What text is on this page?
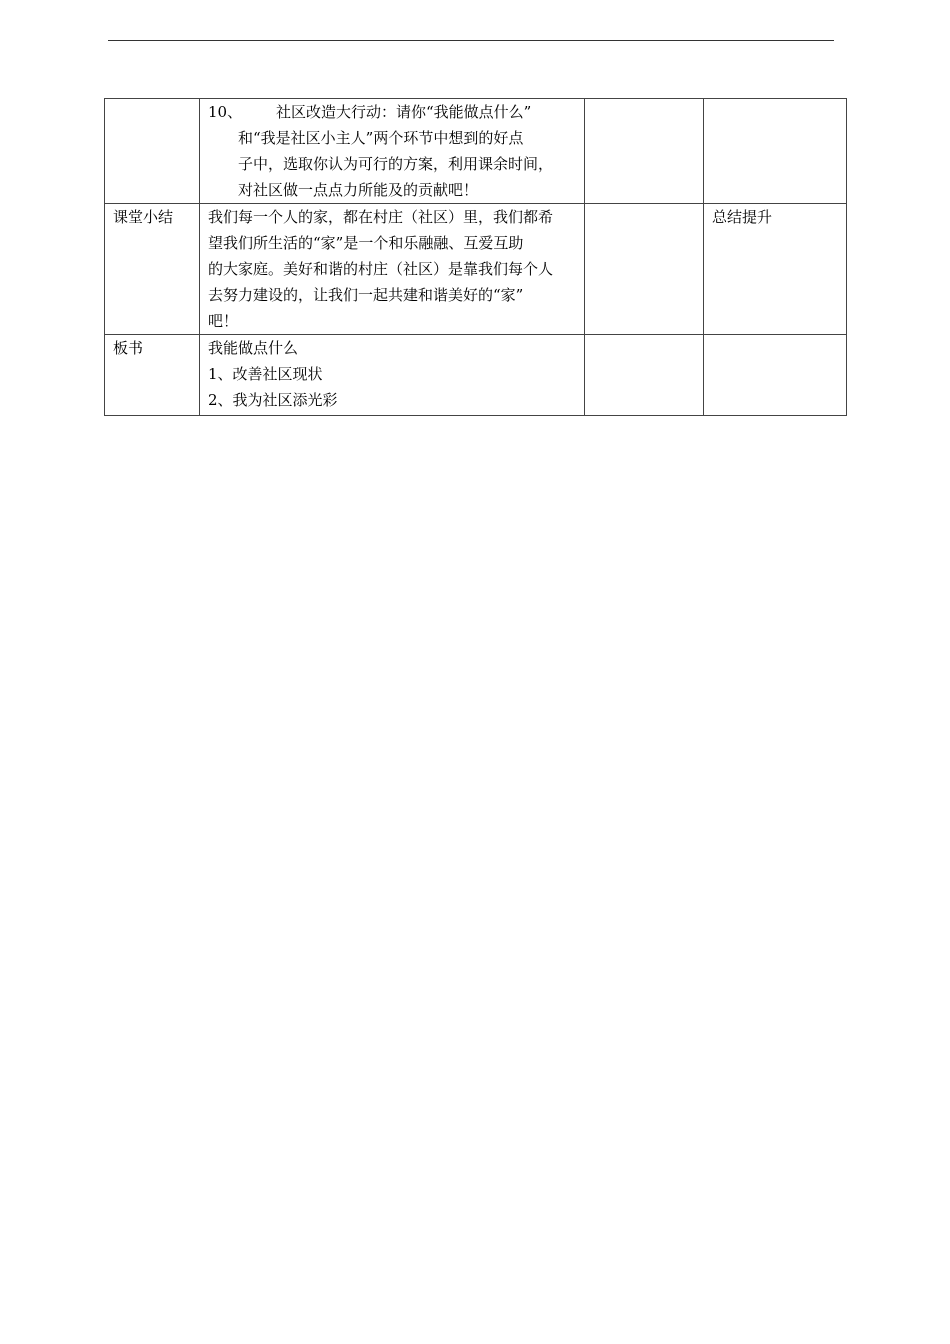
	10、 社区改造大行动：请你“我能做点什么”
和“我是社区小主人”两个环节中想到的好点
子中，选取你认为可行的方案，利用课余时间，
对社区做一点点力所能及的贡献吧！		

课堂小结	我们每一个人的家，都在村庄（社区）里，我们都希
望我们所生活的“家”是一个和乐融融、互爱互助
的大家庭。美好和谐的村庄（社区）是靠我们每个人
去努力建设的，让我们一起共建和谐美好的“家”
吧！		总结提升
板书	我能做点什么
1、改善社区现状
2、我为社区添光彩		
